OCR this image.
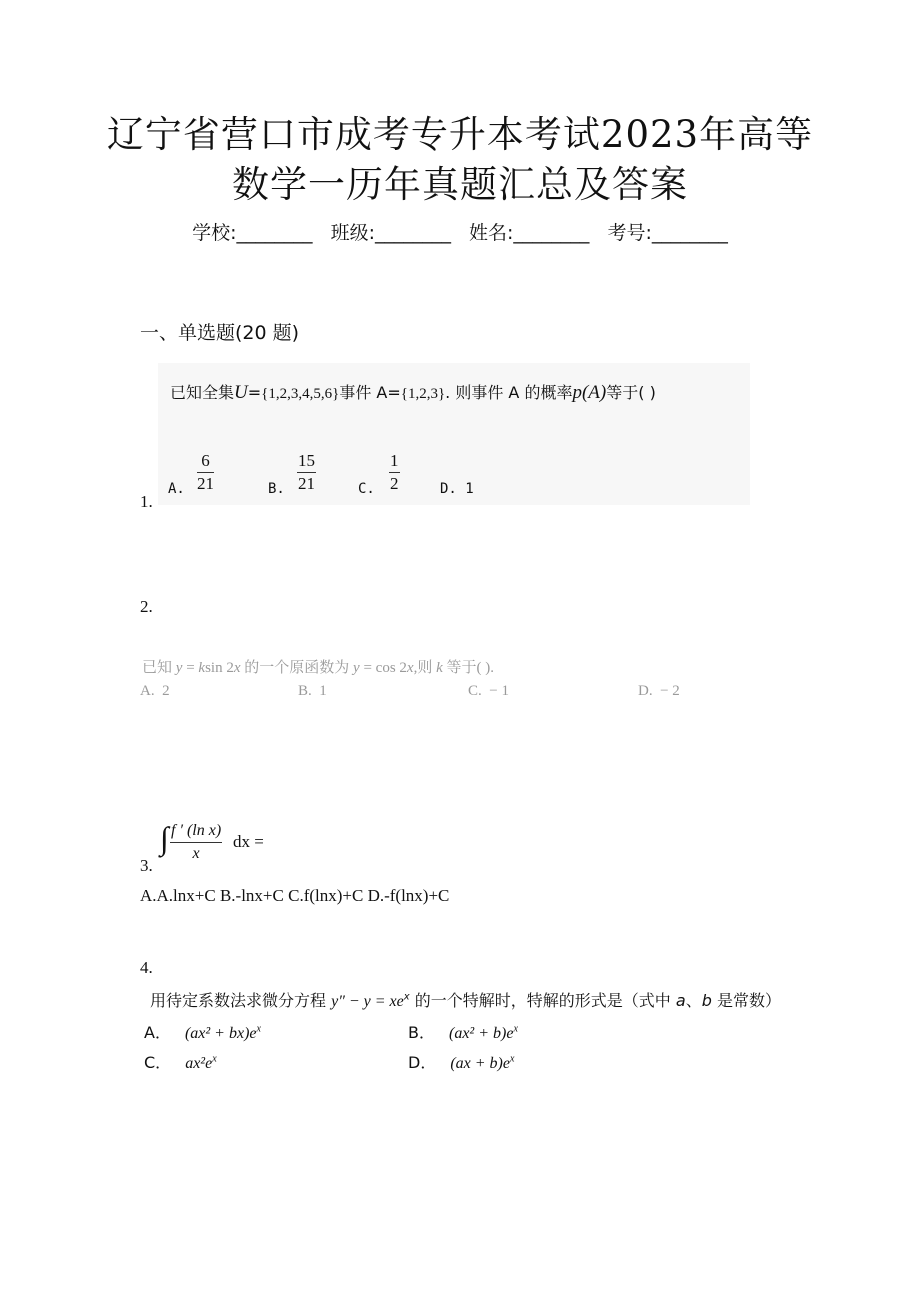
辽宁省营口市成考专升本考试2023年高等
数学一历年真题汇总及答案
学校:________ 班级:________ 姓名:________ 考号:________
一、单选题(20 题)
已知全集U={1,2,3,4,5,6}事件 A={1,2,3}. 则事件 A 的概率p(A)等于( )
A. $\frac{6}{21}$	B. $\frac{15}{21}$	C. $\frac{1}{2}$	D. 1
1.
2.
已知 y = ksin 2x 的一个原函数为 y = cos 2x,则 k 等于( ).
A. 2	B. 1	C. − 1	D. − 2
∫ $\frac{\text{f ′ (ln x)}}{x}$ dx =
3.
A.A.lnx+C B.-lnx+C C.f(lnx)+C D.-f(lnx)+C
4.
用待定系数法求微分方程 $y'' - y = xe^x$ 的一个特解时，特解的形式是（式中 a、b 是常数）
A． $(ax^2 + bx)e^x$	B． $(ax^2 + b)e^x$
C． $ax^2e^x$	D． $(ax + b)e^x$
